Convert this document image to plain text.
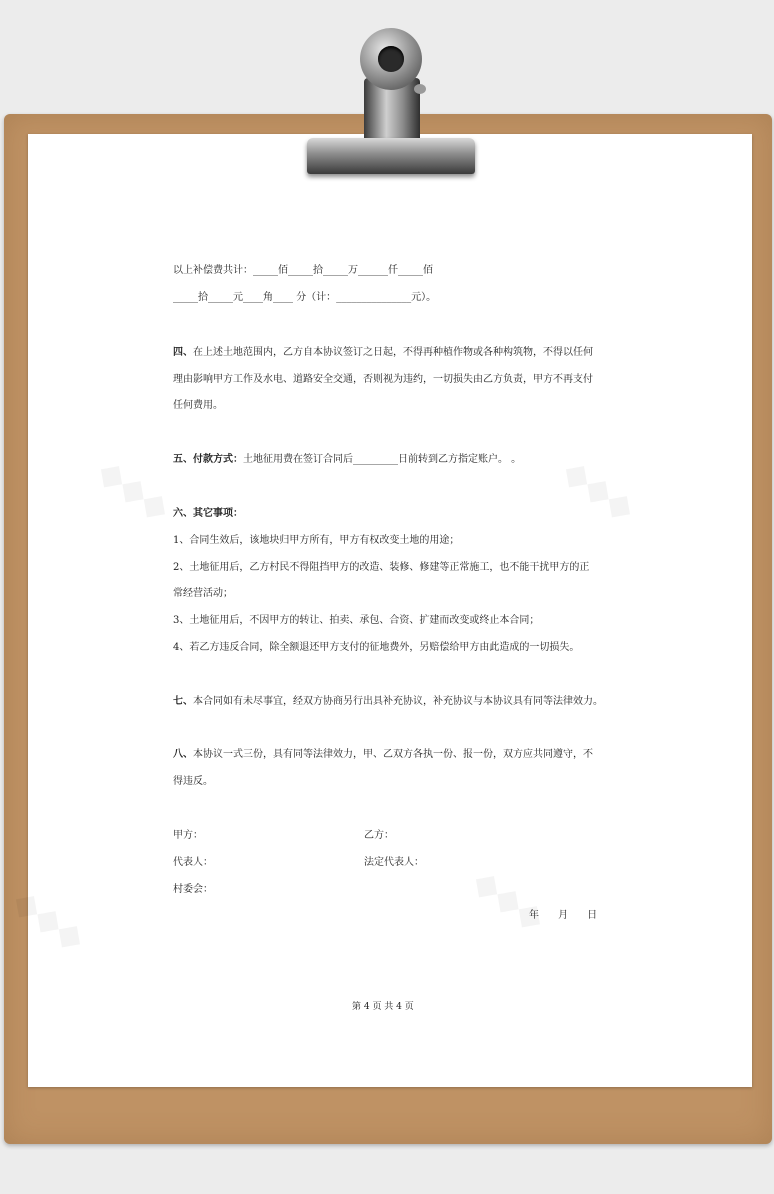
以上补偿费共计：_____佰_____拾_____万______仟_____佰
_____拾_____元____角____ 分（计：_______________元）。
四、在上述土地范围内，乙方自本协议签订之日起，不得再种植作物或各种构筑物，不得以任何
理由影响甲方工作及水电、道路安全交通，否则视为违约，一切损失由乙方负责，甲方不再支付
任何费用。
五、付款方式：土地征用费在签订合同后_________日前转到乙方指定账户。 。
六、其它事项：
1、合同生效后，该地块归甲方所有，甲方有权改变土地的用途；
2、土地征用后，乙方村民不得阻挡甲方的改造、装修、修建等正常施工，也不能干扰甲方的正
常经营活动；
3、土地征用后，不因甲方的转让、拍卖、承包、合资、扩建而改变或终止本合同；
4、若乙方违反合同，除全额退还甲方支付的征地费外，另赔偿给甲方由此造成的一切损失。
七、本合同如有未尽事宜，经双方协商另行出具补充协议，补充协议与本协议具有同等法律效力。
八、本协议一式三份，具有同等法律效力，甲、乙双方各执一份、报一份，双方应共同遵守，不
得违反。
甲方：	乙方：
代表人：	法定代表人：
村委会：
年      月      日
第 4 页 共 4 页
